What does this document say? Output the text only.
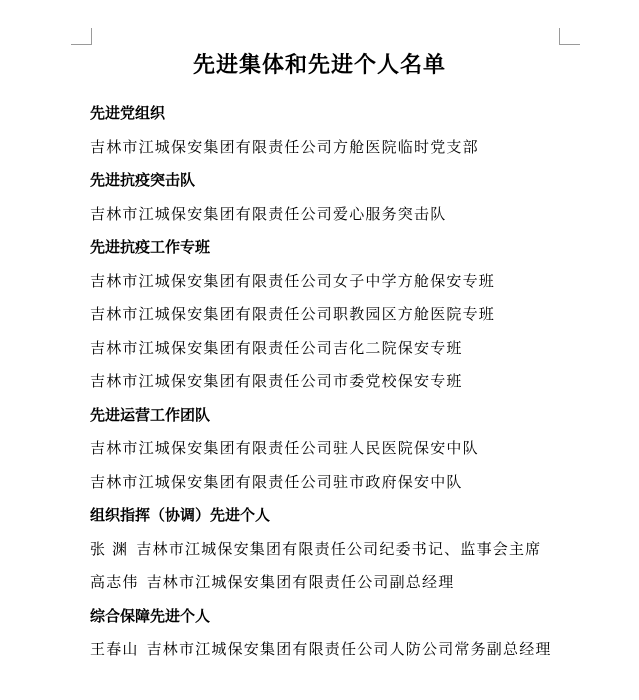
先进集体和先进个人名单
先进党组织
吉林市江城保安集团有限责任公司方舱医院临时党支部
先进抗疫突击队
吉林市江城保安集团有限责任公司爱心服务突击队
先进抗疫工作专班
吉林市江城保安集团有限责任公司女子中学方舱保安专班
吉林市江城保安集团有限责任公司职教园区方舱医院专班
吉林市江城保安集团有限责任公司吉化二院保安专班
吉林市江城保安集团有限责任公司市委党校保安专班
先进运营工作团队
吉林市江城保安集团有限责任公司驻人民医院保安中队
吉林市江城保安集团有限责任公司驻市政府保安中队
组织指挥（协调）先进个人
张 渊 吉林市江城保安集团有限责任公司纪委书记、监事会主席
高志伟 吉林市江城保安集团有限责任公司副总经理
综合保障先进个人
王春山 吉林市江城保安集团有限责任公司人防公司常务副总经理
